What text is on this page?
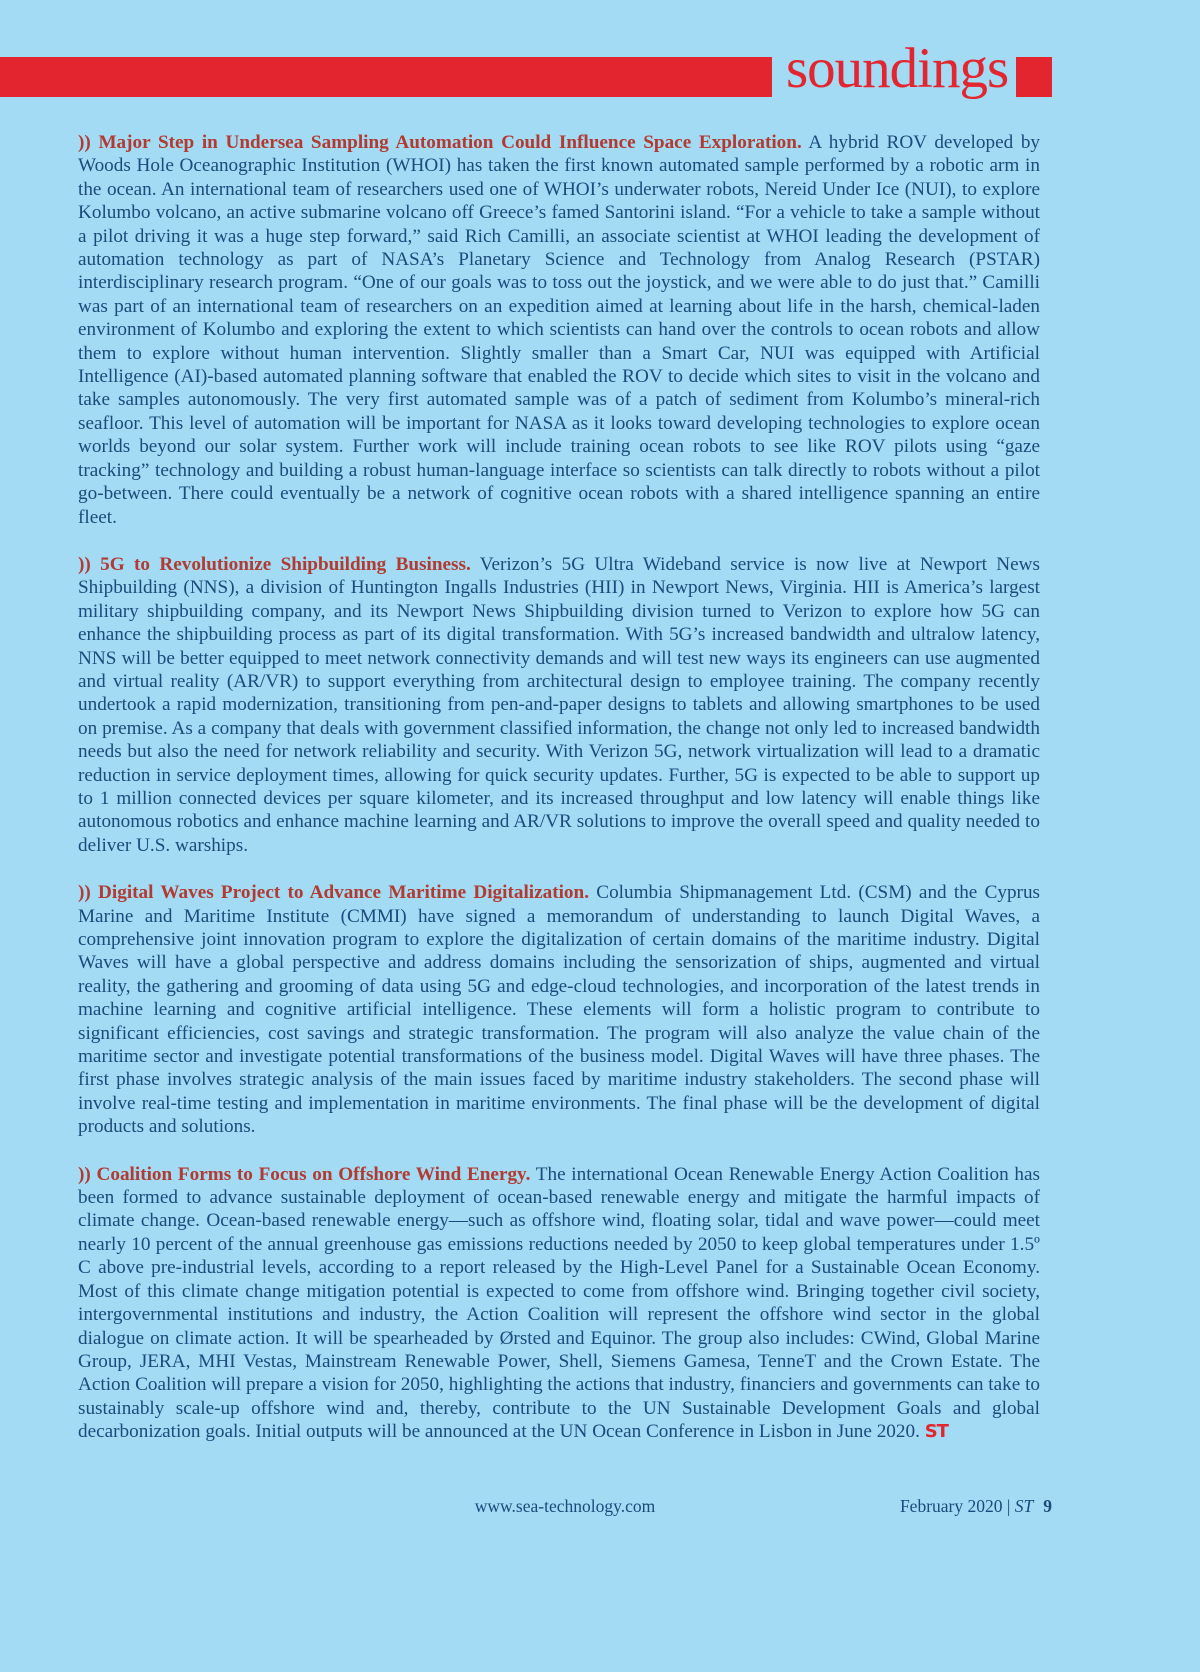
soundings

)) Major Step in Undersea Sampling Automation Could Influence Space Exploration. A hybrid ROV developed by Woods Hole Oceanographic Institution (WHOI) has taken the first known automated sample performed by a robotic arm in the ocean. An international team of researchers used one of WHOI’s underwater robots, Nereid Under Ice (NUI), to explore Kolumbo volcano, an active submarine volcano off Greece’s famed Santorini island. “For a vehicle to take a sample without a pilot driving it was a huge step forward,” said Rich Camilli, an associate scientist at WHOI leading the development of automation technology as part of NASA’s Planetary Science and Technology from Analog Research (PSTAR) interdisciplinary research program. “One of our goals was to toss out the joystick, and we were able to do just that.” Camilli was part of an international team of researchers on an expedition aimed at learning about life in the harsh, chemical-laden environment of Kolumbo and exploring the extent to which scientists can hand over the controls to ocean robots and allow them to explore without human intervention. Slightly smaller than a Smart Car, NUI was equipped with Artificial Intelligence (AI)-based automated planning software that enabled the ROV to decide which sites to visit in the volcano and take samples autonomously. The very first automated sample was of a patch of sediment from Kolumbo’s mineral-rich seafloor. This level of automation will be important for NASA as it looks toward developing technologies to explore ocean worlds beyond our solar system. Further work will include training ocean robots to see like ROV pilots using “gaze tracking” technology and building a robust human-language interface so scientists can talk directly to robots without a pilot go-between. There could eventually be a network of cognitive ocean robots with a shared intelligence spanning an entire fleet.

)) 5G to Revolutionize Shipbuilding Business. Verizon’s 5G Ultra Wideband service is now live at Newport News Shipbuilding (NNS), a division of Huntington Ingalls Industries (HII) in Newport News, Virginia. HII is America’s largest military shipbuilding company, and its Newport News Shipbuilding division turned to Verizon to explore how 5G can enhance the shipbuilding process as part of its digital transformation. With 5G’s increased bandwidth and ultralow latency, NNS will be better equipped to meet network connectivity demands and will test new ways its engineers can use augmented and virtual reality (AR/VR) to support everything from architectural design to employee training. The company recently undertook a rapid modernization, transitioning from pen-and-paper designs to tablets and allowing smartphones to be used on premise. As a company that deals with government classified information, the change not only led to increased bandwidth needs but also the need for network reliability and security. With Verizon 5G, network virtualization will lead to a dramatic reduction in service deployment times, allowing for quick security updates. Further, 5G is expected to be able to support up to 1 million connected devices per square kilometer, and its increased throughput and low latency will enable things like autonomous robotics and enhance machine learning and AR/VR solutions to improve the overall speed and quality needed to deliver U.S. warships.

)) Digital Waves Project to Advance Maritime Digitalization. Columbia Shipmanagement Ltd. (CSM) and the Cyprus Marine and Maritime Institute (CMMI) have signed a memorandum of understanding to launch Digital Waves, a comprehensive joint innovation program to explore the digitalization of certain domains of the maritime industry. Digital Waves will have a global perspective and address domains including the sensorization of ships, augmented and virtual reality, the gathering and grooming of data using 5G and edge-cloud technologies, and incorporation of the latest trends in machine learning and cognitive artificial intelligence. These elements will form a holistic program to contribute to significant efficiencies, cost savings and strategic transformation. The program will also analyze the value chain of the maritime sector and investigate potential transformations of the business model. Digital Waves will have three phases. The first phase involves strategic analysis of the main issues faced by maritime industry stakeholders. The second phase will involve real-time testing and implementation in maritime environments. The final phase will be the development of digital products and solutions.

)) Coalition Forms to Focus on Offshore Wind Energy. The international Ocean Renewable Energy Action Coalition has been formed to advance sustainable deployment of ocean-based renewable energy and mitigate the harmful impacts of climate change. Ocean-based renewable energy—such as offshore wind, floating solar, tidal and wave power—could meet nearly 10 percent of the annual greenhouse gas emissions reductions needed by 2050 to keep global temperatures under 1.5º C above pre-industrial levels, according to a report released by the High-Level Panel for a Sustainable Ocean Economy. Most of this climate change mitigation potential is expected to come from offshore wind. Bringing together civil society, intergovernmental institutions and industry, the Action Coalition will represent the offshore wind sector in the global dialogue on climate action. It will be spearheaded by Ørsted and Equinor. The group also includes: CWind, Global Marine Group, JERA, MHI Vestas, Mainstream Renewable Power, Shell, Siemens Gamesa, TenneT and the Crown Estate. The Action Coalition will prepare a vision for 2050, highlighting the actions that industry, financiers and governments can take to sustainably scale-up offshore wind and, thereby, contribute to the UN Sustainable Development Goals and global decarbonization goals. Initial outputs will be announced at the UN Ocean Conference in Lisbon in June 2020. ST

www.sea-technology.com	February 2020 | ST 9
